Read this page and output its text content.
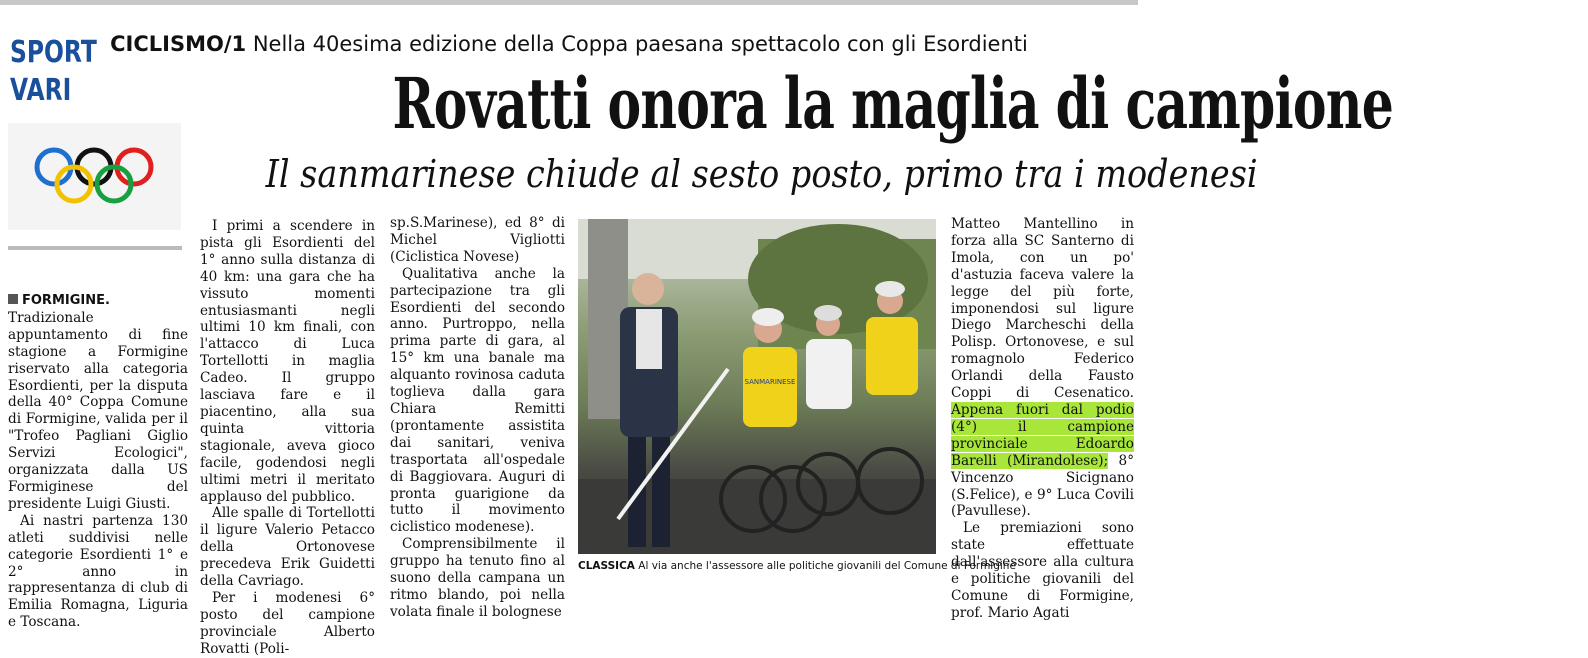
SPORT
VARI
CICLISMO/1 Nella 40esima edizione della Coppa paesana spettacolo con gli Esordienti
Rovatti onora la maglia di campione
Il sanmarinese chiude al sesto posto, primo tra i modenesi

FORMIGINE. Tradizionale appuntamento di fine stagione a Formigine riservato alla categoria Esordienti, per la disputa della 40° Coppa Comune di Formigine, valida per il "Trofeo Pagliani Giglio Servizi Ecologici", organizzata dalla US Formiginese del presidente Luigi Giusti.

Ai nastri partenza 130 atleti suddivisi nelle categorie Esordienti 1° e 2° anno in rappresentanza di club di Emilia Romagna, Liguria e Toscana.

I primi a scendere in pista gli Esordienti del 1° anno sulla distanza di 40 km: una gara che ha vissuto momenti entusiasmanti negli ultimi 10 km finali, con l'attacco di Luca Tortellotti in maglia Cadeo. Il gruppo lasciava fare e il piacentino, alla sua quinta vittoria stagionale, aveva gioco facile, godendosi negli ultimi metri il meritato applauso del pubblico.

Alle spalle di Tortellotti il ligure Valerio Petacco della Ortonovese precedeva Erik Guidetti della Cavriago.

Per i modenesi 6° posto del campione provinciale Alberto Rovatti (Poli-

sp.S.Marinese), ed 8° di Michel Vigliotti (Ciclistica Novese)

Qualitativa anche la partecipazione tra gli Esordienti del secondo anno. Purtroppo, nella prima parte di gara, al 15° km una banale ma alquanto rovinosa caduta toglieva dalla gara Chiara Remitti (prontamente assistita dai sanitari, veniva trasportata all'ospedale di Baggiovara. Auguri di pronta guarigione da tutto il movimento ciclistico modenese).

Comprensibilmente il gruppo ha tenuto fino al suono della campana un ritmo blando, poi nella volata finale il bolognese

SANMARINESE
CLASSICA Al via anche l'assessore alle politiche giovanili del Comune di Formigine

Matteo Mantellino in forza alla SC Santerno di Imola, con un po' d'astuzia faceva valere la legge del più forte, imponendosi sul ligure Diego Marcheschi della Polisp. Ortonovese, e sul romagnolo Federico Orlandi della Fausto Coppi di Cesenatico. Appena fuori dal podio (4°) il campione provinciale Edoardo Barelli (Mirandolese); 8° Vincenzo Sicignano (S.Felice), e 9° Luca Covili (Pavullese).

Le premiazioni sono state effettuate dall'assessore alla cultura e politiche giovanili del Comune di Formigine, prof. Mario Agati
